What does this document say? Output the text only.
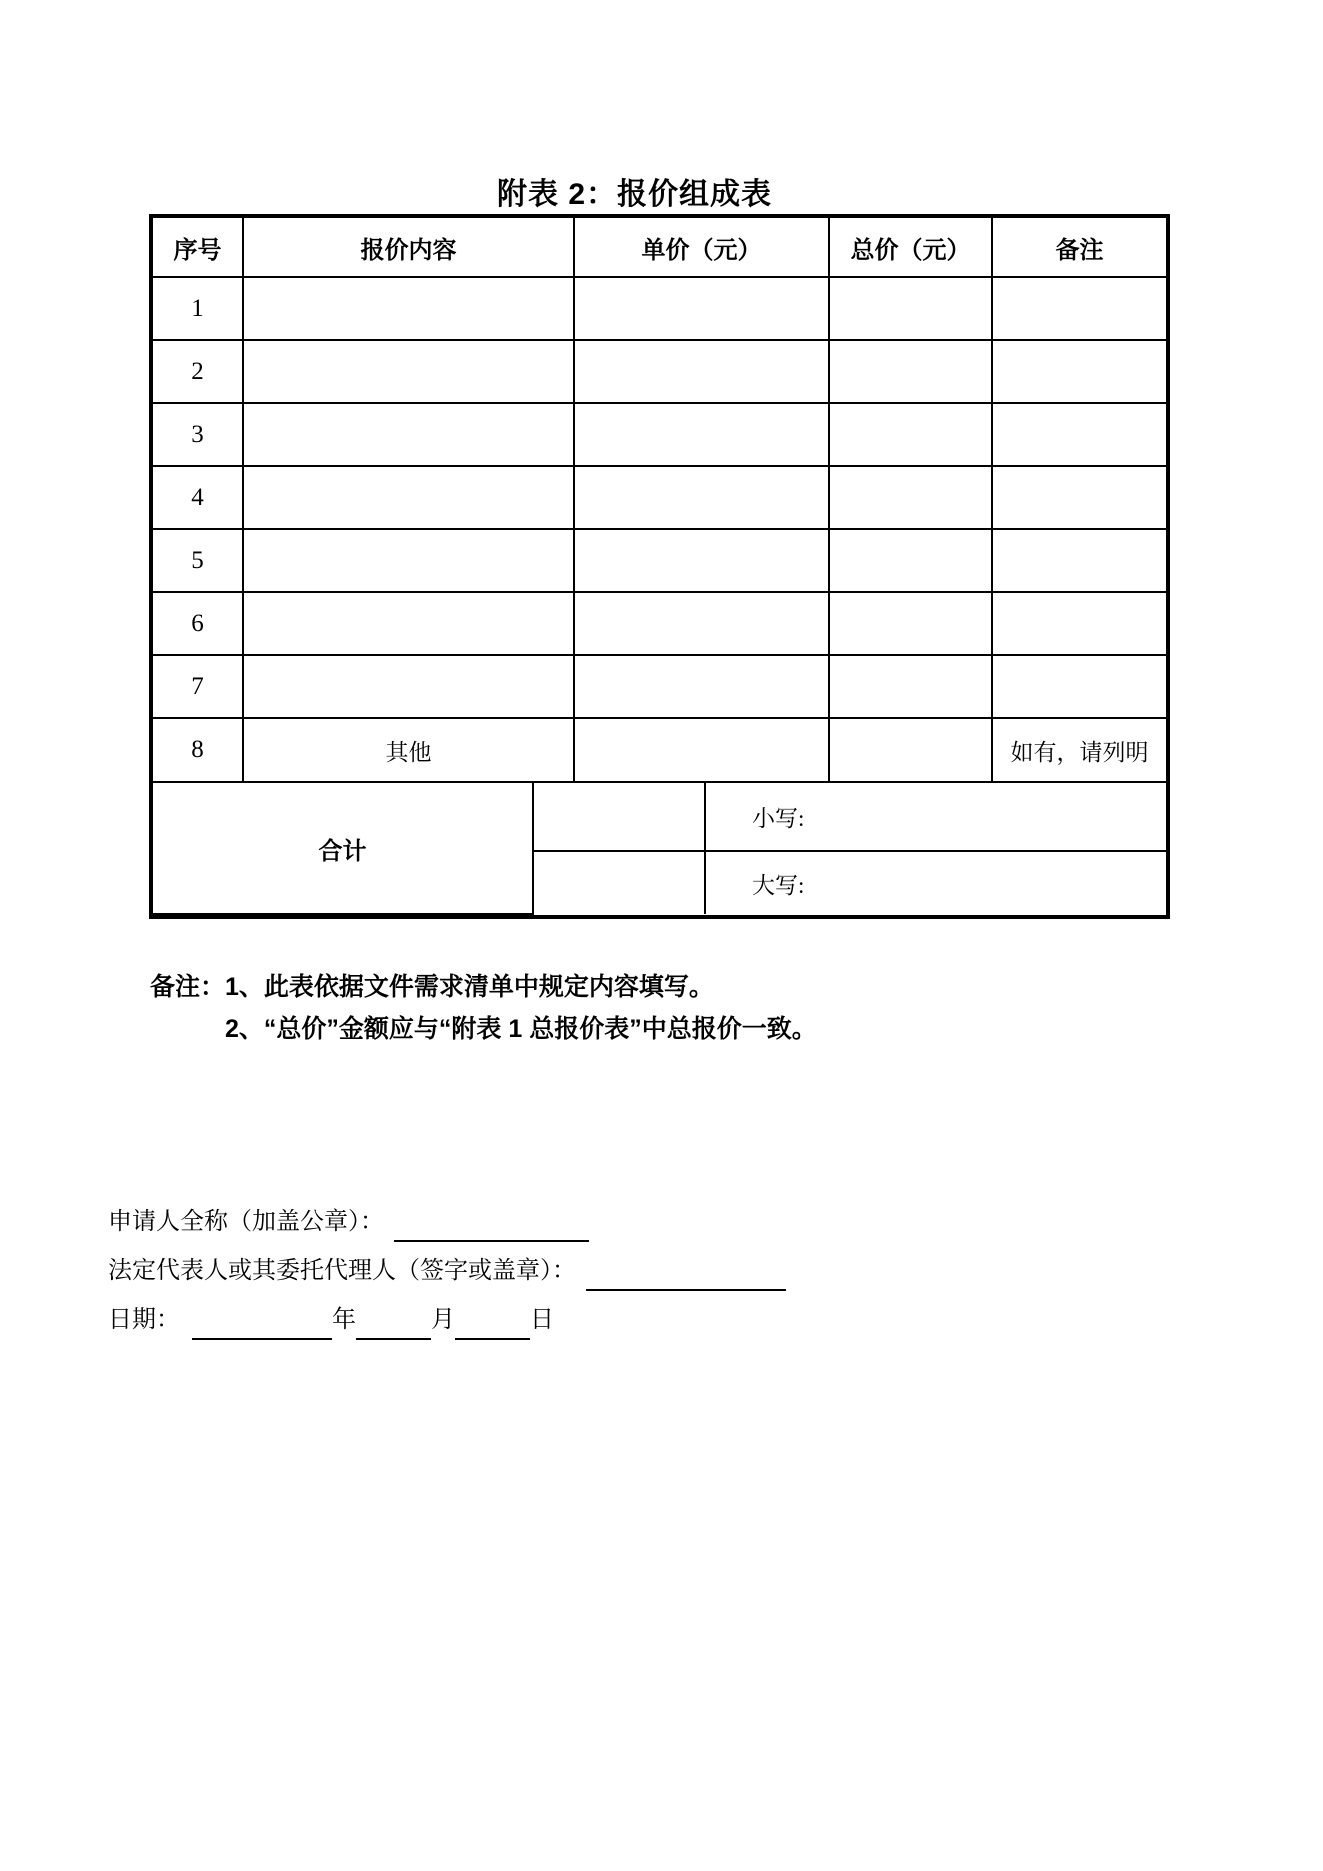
附表 2：报价组成表
序号	报价内容	单价（元）	总价（元）	备注
1				
2				
3				
4				
5				
6				
7				
8	其他			如有，请列明
合计		小写:
		大写:
备注： 1、此表依据文件需求清单中规定内容填写。
2、“总价”金额应与“附表 1 总报价表”中总报价一致。
申请人全称（加盖公章）：
法定代表人或其委托代理人（签字或盖章）：
日期：	年	月	日
